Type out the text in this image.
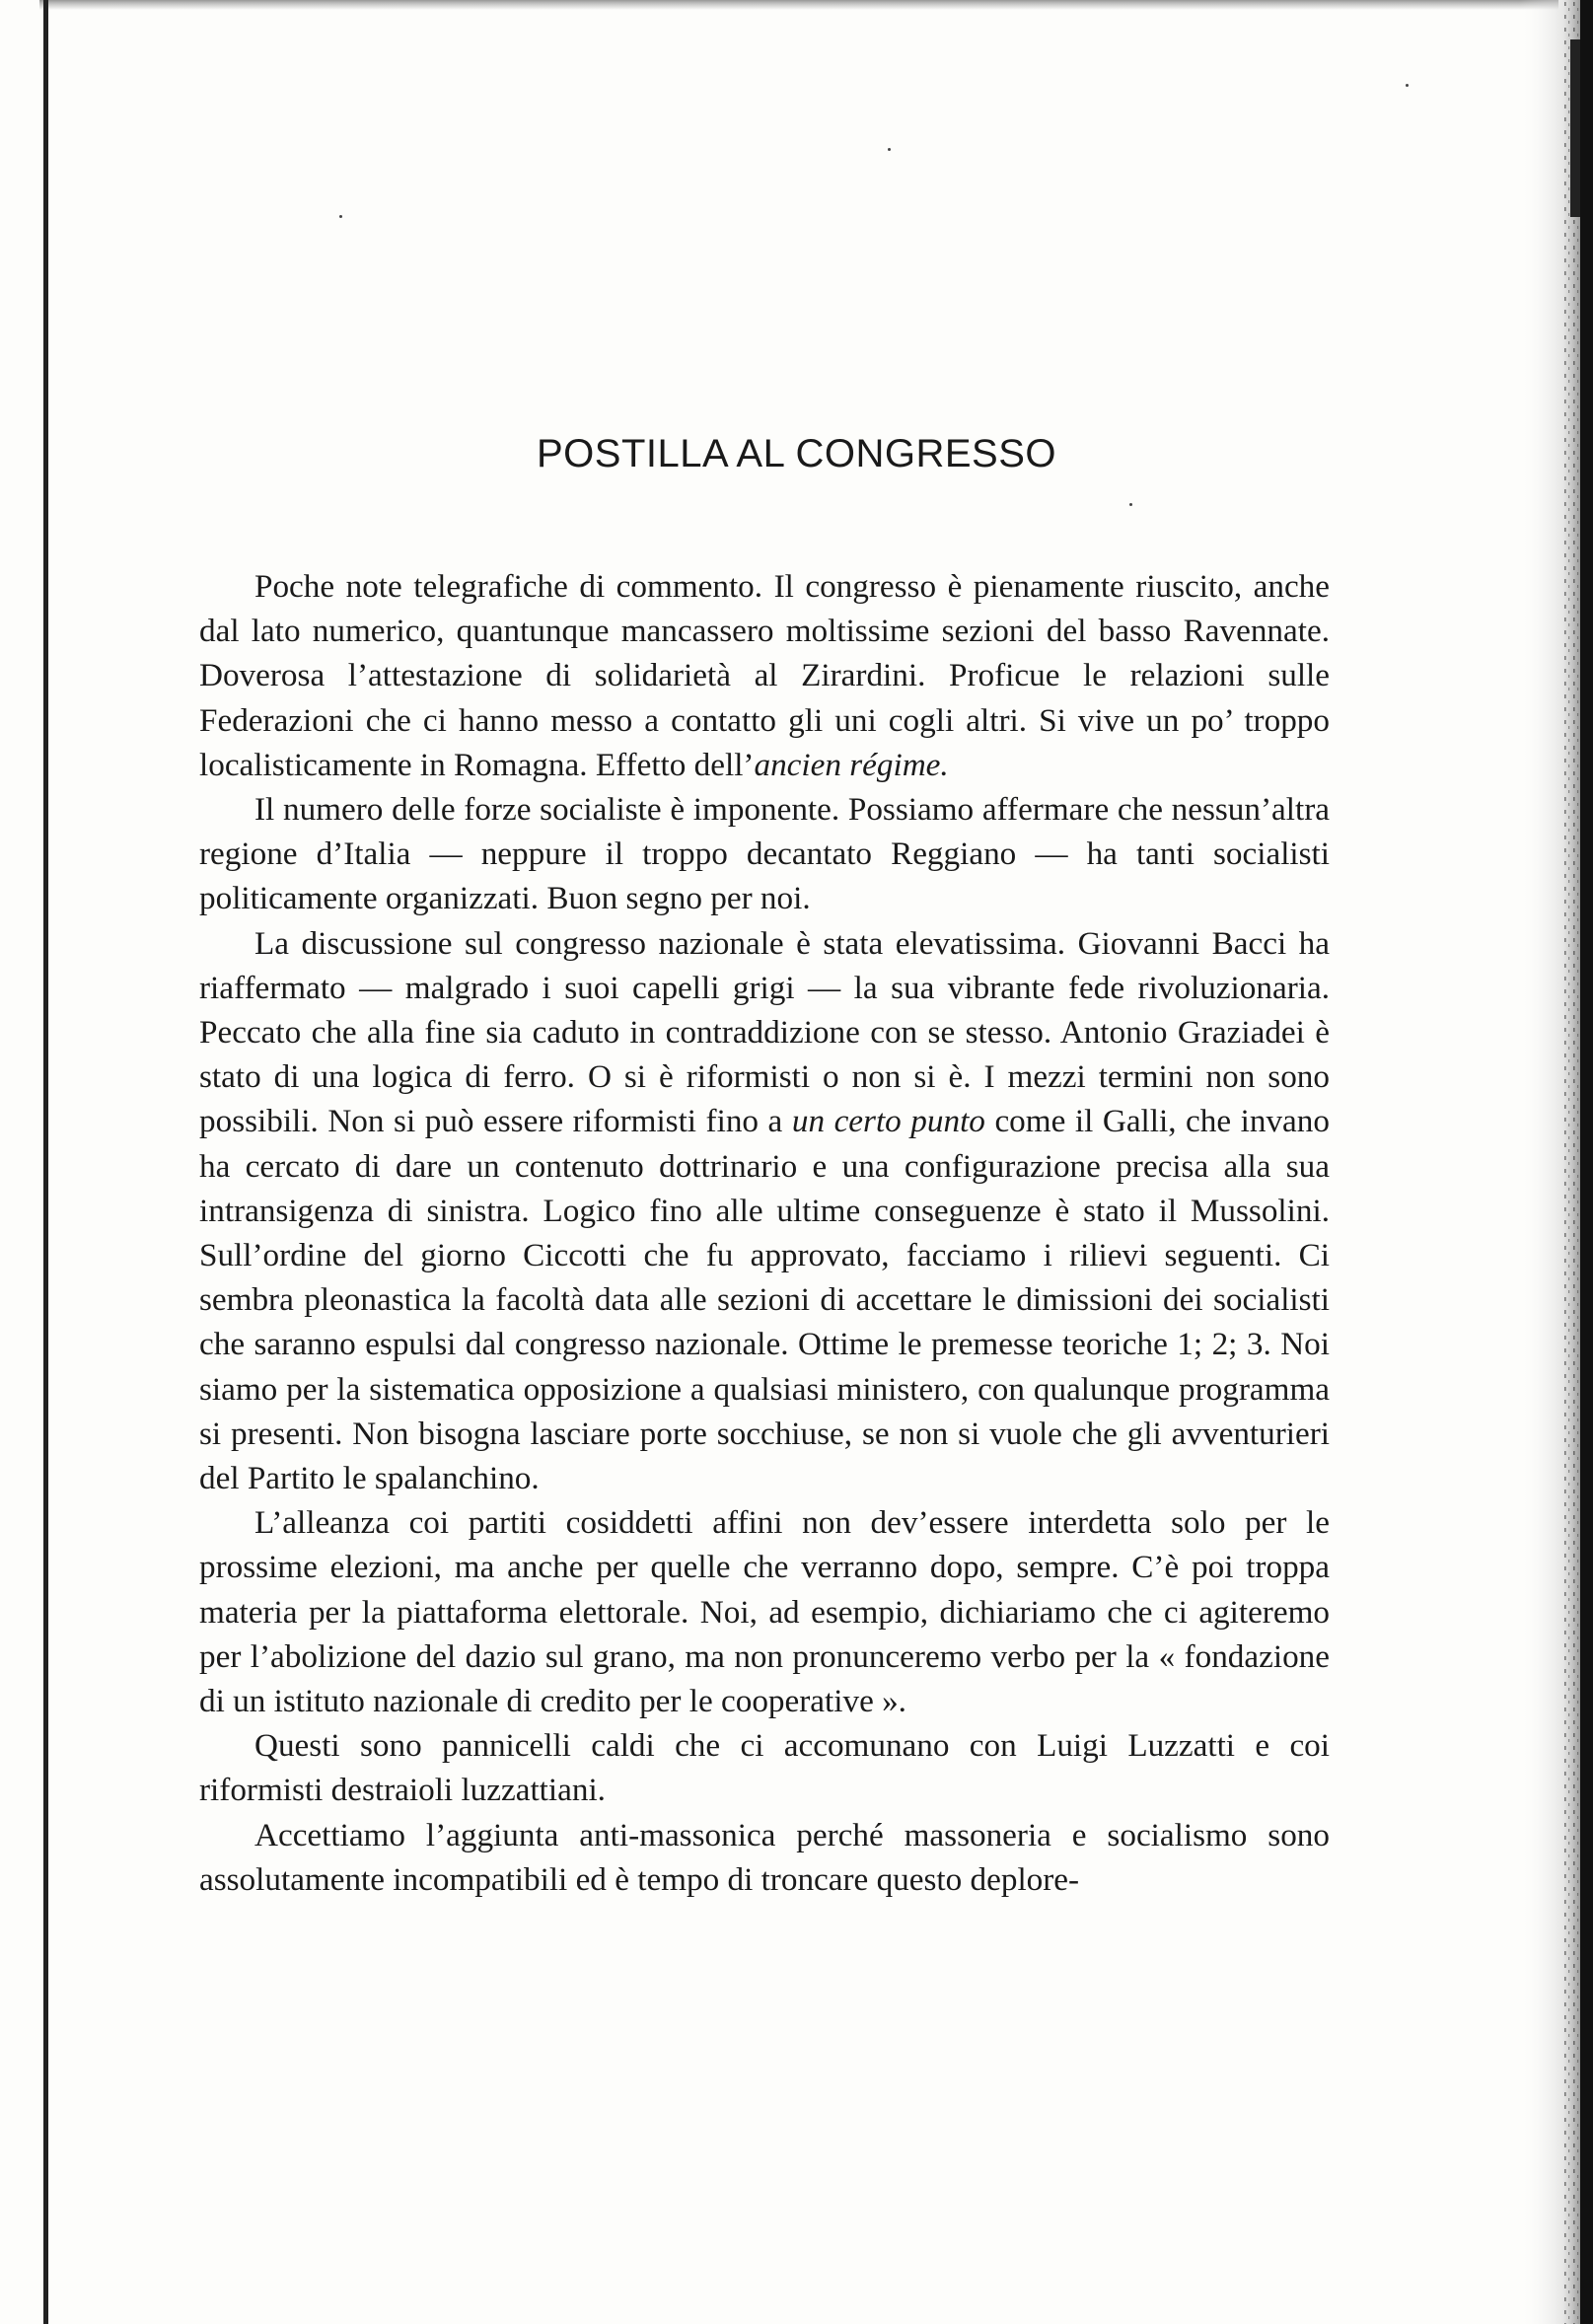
POSTILLA AL CONGRESSO

Poche note telegrafiche di commento. Il congresso è pienamente riuscito, anche dal lato numerico, quantunque mancassero moltissime sezioni del basso Ravennate. Doverosa l’attestazione di solidarietà al Zirardini. Proficue le relazioni sulle Federazioni che ci hanno messo a contatto gli uni cogli altri. Si vive un po’ troppo localisticamente in Romagna. Effetto dell’ancien régime.

Il numero delle forze socialiste è imponente. Possiamo affermare che nessun’altra regione d’Italia — neppure il troppo decantato Reggiano — ha tanti socialisti politicamente organizzati. Buon segno per noi.

La discussione sul congresso nazionale è stata elevatissima. Giovanni Bacci ha riaffermato — malgrado i suoi capelli grigi — la sua vibrante fede rivoluzionaria. Peccato che alla fine sia caduto in contraddizione con se stesso. Antonio Graziadei è stato di una logica di ferro. O si è riformisti o non si è. I mezzi termini non sono possibili. Non si può essere riformisti fino a un certo punto come il Galli, che invano ha cercato di dare un contenuto dottrinario e una configurazione precisa alla sua intransigenza di sinistra. Logico fino alle ultime conseguenze è stato il Mussolini. Sull’ordine del giorno Ciccotti che fu approvato, facciamo i rilievi seguenti. Ci sembra pleonastica la facoltà data alle sezioni di accettare le dimissioni dei socialisti che saranno espulsi dal congresso nazionale. Ottime le premesse teoriche 1; 2; 3. Noi siamo per la sistematica opposizione a qualsiasi ministero, con qualunque programma si presenti. Non bisogna lasciare porte socchiuse, se non si vuole che gli avventurieri del Partito le spalanchino.

L’alleanza coi partiti cosiddetti affini non dev’essere interdetta solo per le prossime elezioni, ma anche per quelle che verranno dopo, sempre. C’è poi troppa materia per la piattaforma elettorale. Noi, ad esempio, dichiariamo che ci agiteremo per l’abolizione del dazio sul grano, ma non pronunceremo verbo per la « fondazione di un istituto nazionale di credito per le cooperative ».

Questi sono pannicelli caldi che ci accomunano con Luigi Luzzatti e coi riformisti destraioli luzzattiani.

Accettiamo l’aggiunta anti-massonica perché massoneria e socialismo sono assolutamente incompatibili ed è tempo di troncare questo deplore-
